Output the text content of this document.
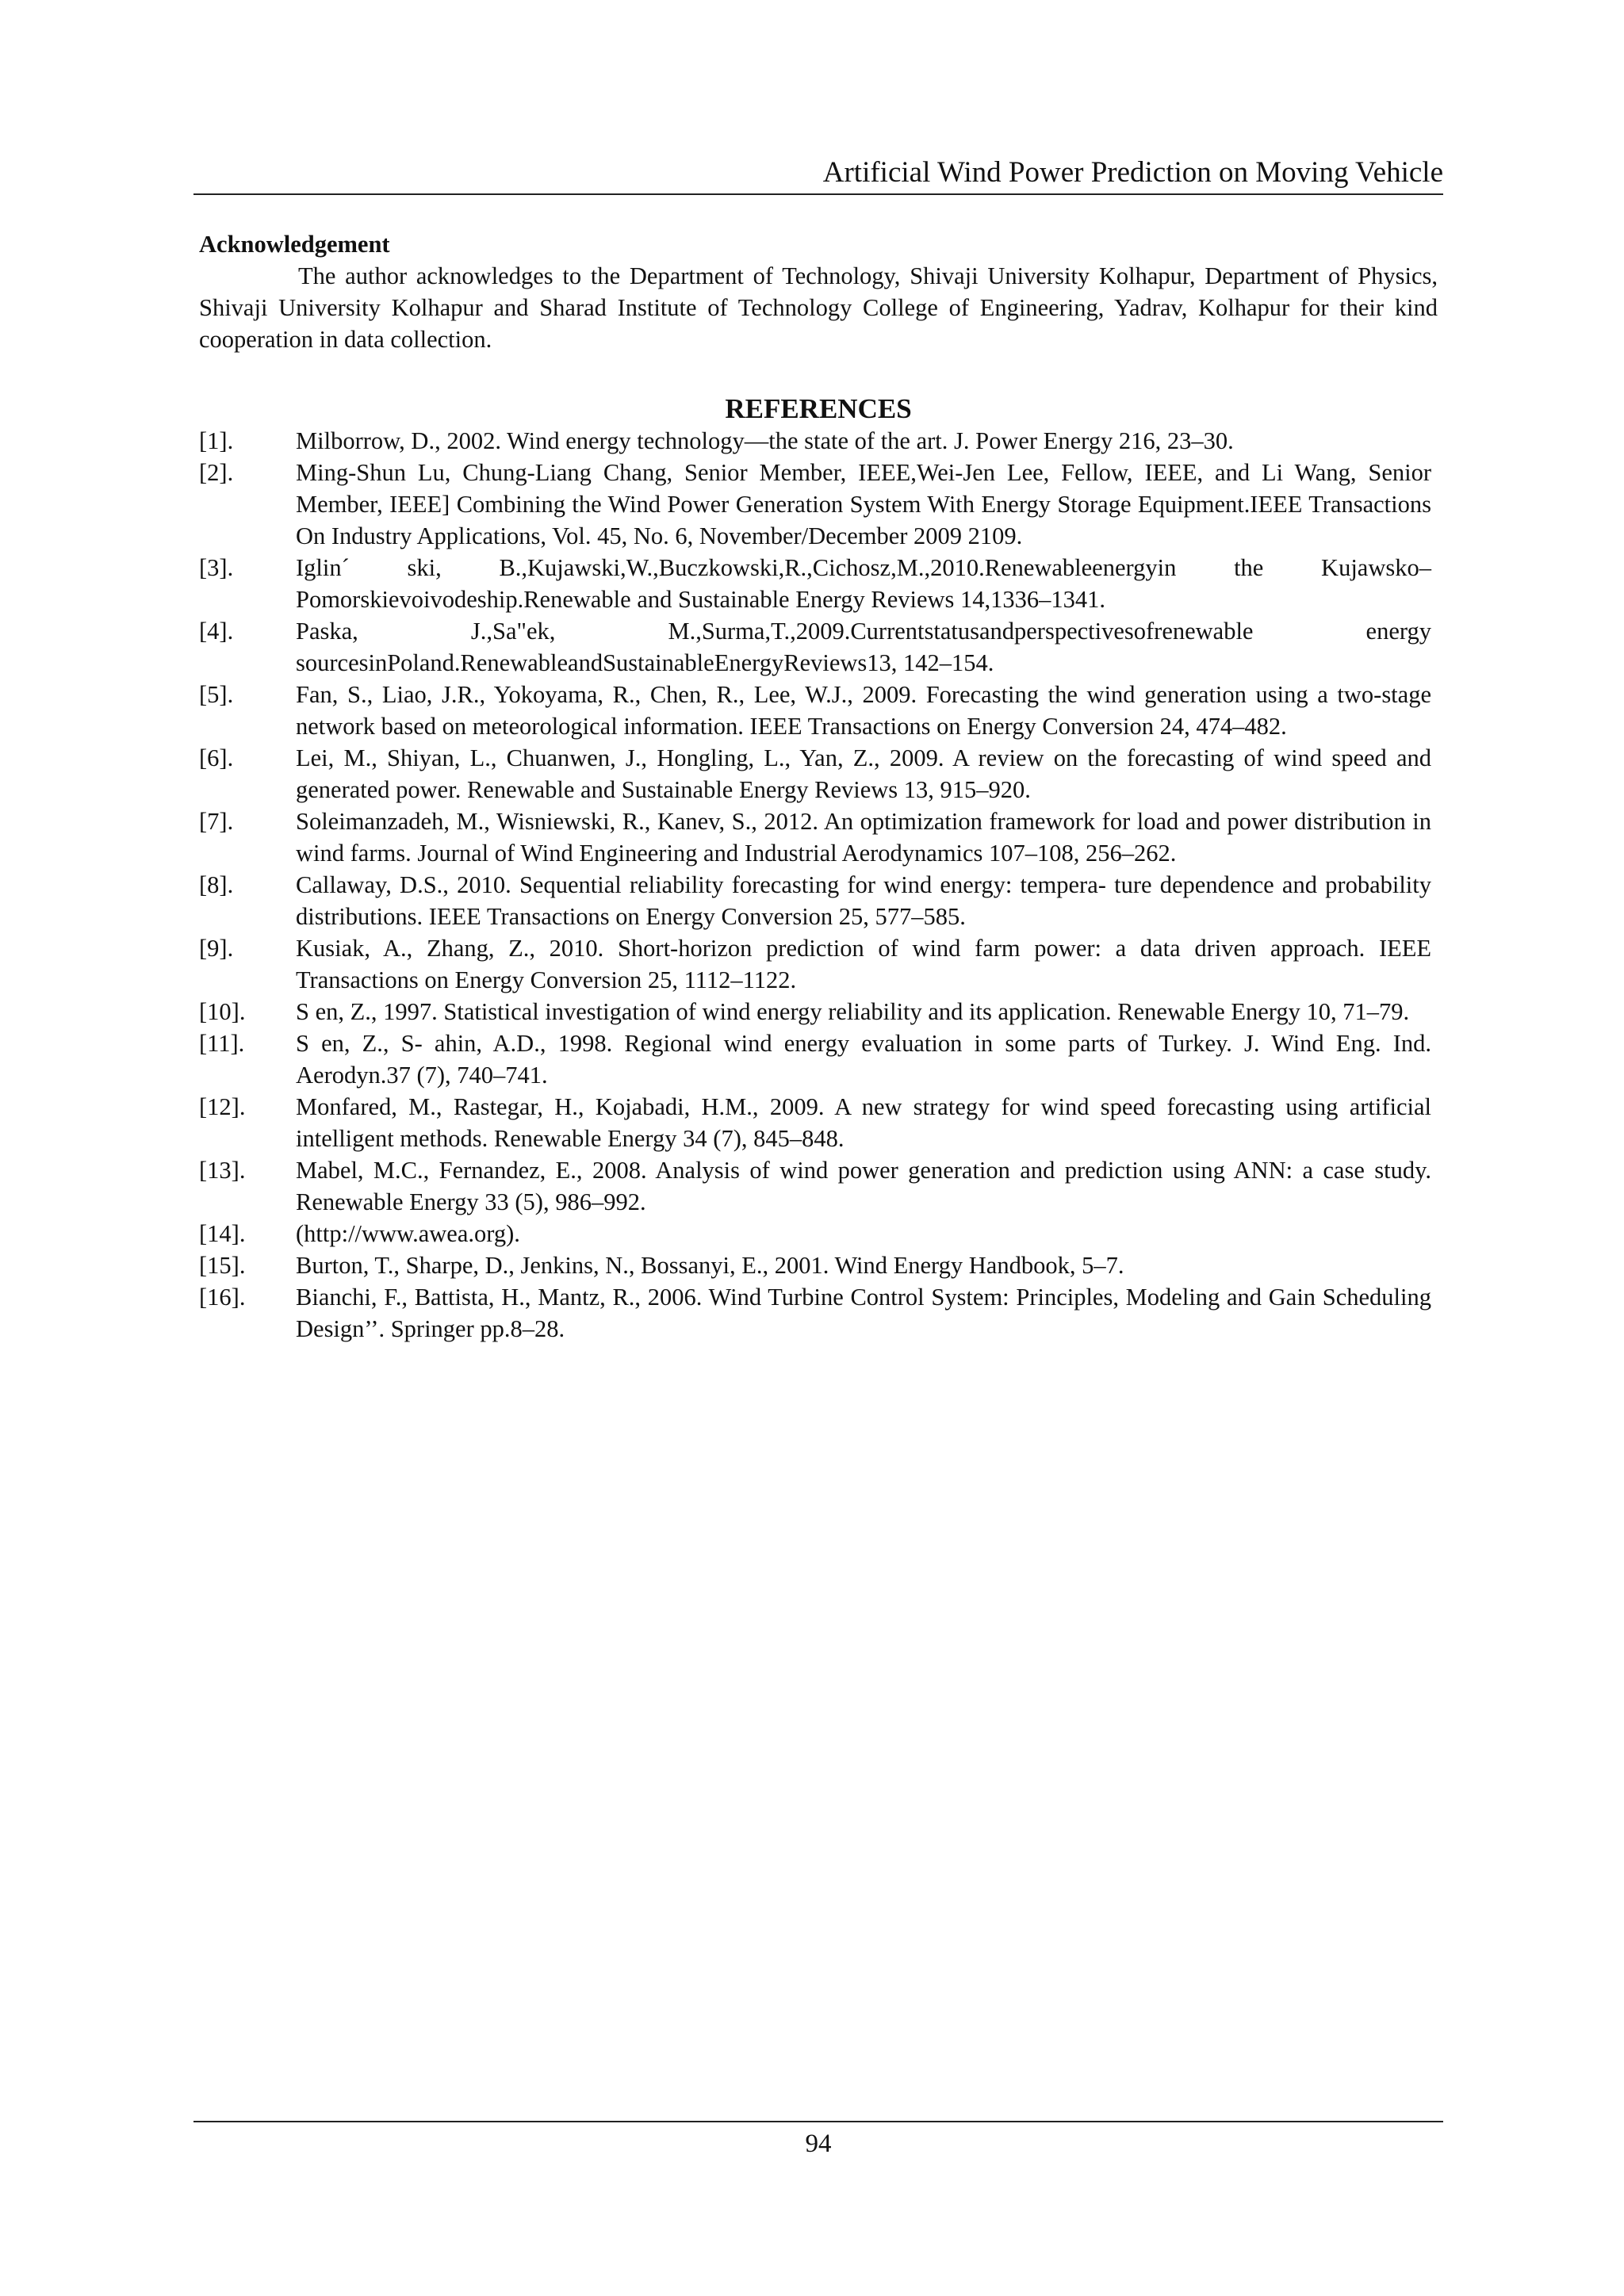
Artificial Wind Power Prediction on Moving Vehicle

Acknowledgement

The author acknowledges to the Department of Technology, Shivaji University Kolhapur, Department of Physics, Shivaji University Kolhapur and Sharad Institute of Technology College of Engineering, Yadrav, Kolhapur for their kind cooperation in data collection.

REFERENCES
[1].	Milborrow, D., 2002. Wind energy technology—the state of the art. J. Power Energy 216, 23–30.
[2].	Ming-Shun Lu, Chung-Liang Chang, Senior Member, IEEE,Wei-Jen Lee, Fellow, IEEE, and Li Wang, Senior Member, IEEE] Combining the Wind Power Generation System With Energy Storage Equipment.IEEE Transactions On Industry Applications, Vol. 45, No. 6, November/December 2009 2109.
[3].	Iglin´ ski, B.,Kujawski,W.,Buczkowski,R.,Cichosz,M.,2010.Renewableenergyin the Kujawsko–Pomorskievoivodeship.Renewable and Sustainable Energy Reviews 14,1336–1341.
[4].	Paska, J.,Sa"ek, M.,Surma,T.,2009.Currentstatusandperspectivesofrenewable energy sourcesinPoland.RenewableandSustainableEnergyReviews13, 142–154.
[5].	Fan, S., Liao, J.R., Yokoyama, R., Chen, R., Lee, W.J., 2009. Forecasting the wind generation using a two-stage network based on meteorological information. IEEE Transactions on Energy Conversion 24, 474–482.
[6].	Lei, M., Shiyan, L., Chuanwen, J., Hongling, L., Yan, Z., 2009. A review on the forecasting of wind speed and generated power. Renewable and Sustainable Energy Reviews 13, 915–920.
[7].	Soleimanzadeh, M., Wisniewski, R., Kanev, S., 2012. An optimization framework for load and power distribution in wind farms. Journal of Wind Engineering and Industrial Aerodynamics 107–108, 256–262.
[8].	Callaway, D.S., 2010. Sequential reliability forecasting for wind energy: tempera- ture dependence and probability distributions. IEEE Transactions on Energy Conversion 25, 577–585.
[9].	Kusiak, A., Zhang, Z., 2010. Short-horizon prediction of wind farm power: a data driven approach. IEEE Transactions on Energy Conversion 25, 1112–1122.
[10].	S en, Z., 1997. Statistical investigation of wind energy reliability and its application. Renewable Energy 10, 71–79.
[11].	S en, Z., S- ahin, A.D., 1998. Regional wind energy evaluation in some parts of Turkey. J. Wind Eng. Ind. Aerodyn.37 (7), 740–741.
[12].	Monfared, M., Rastegar, H., Kojabadi, H.M., 2009. A new strategy for wind speed forecasting using artificial intelligent methods. Renewable Energy 34 (7), 845–848.
[13].	Mabel, M.C., Fernandez, E., 2008. Analysis of wind power generation and prediction using ANN: a case study. Renewable Energy 33 (5), 986–992.
[14].	(http://www.awea.org).
[15].	Burton, T., Sharpe, D., Jenkins, N., Bossanyi, E., 2001. Wind Energy Handbook, 5–7.
[16].	Bianchi, F., Battista, H., Mantz, R., 2006. Wind Turbine Control System: Principles, Modeling and Gain Scheduling Design’’. Springer pp.8–28.
94
